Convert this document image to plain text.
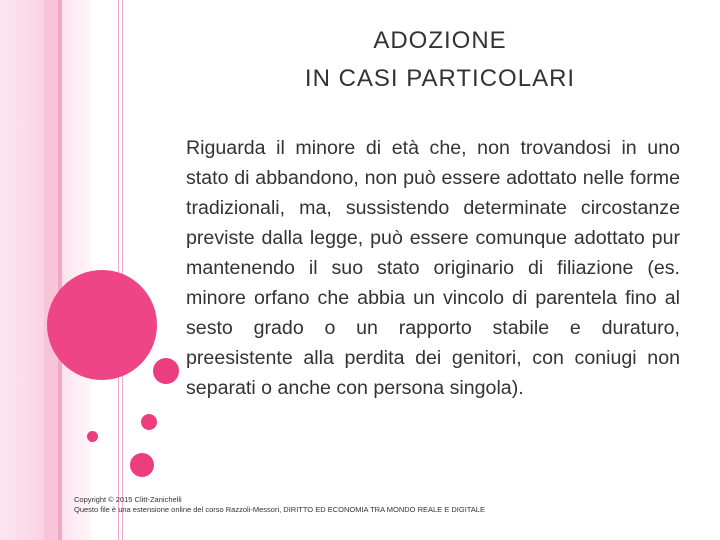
ADOZIONE
IN CASI PARTICOLARI

Riguarda il minore di età che, non trovandosi in uno stato di abbandono, non può essere adottato nelle forme tradizionali, ma, sussistendo determinate circostanze previste dalla legge, può essere comunque adottato pur mantenendo il suo stato originario di filiazione (es. minore orfano che abbia un vincolo di parentela fino al sesto grado o un rapporto stabile e duraturo, preesistente alla perdita dei genitori, con coniugi non separati o anche con persona singola).

Copyright © 2015 Clitt-Zanichelli
Questo file è una estensione online del corso Razzoli-Messori, DIRITTO ED ECONOMIA TRA MONDO REALE E DIGITALE
